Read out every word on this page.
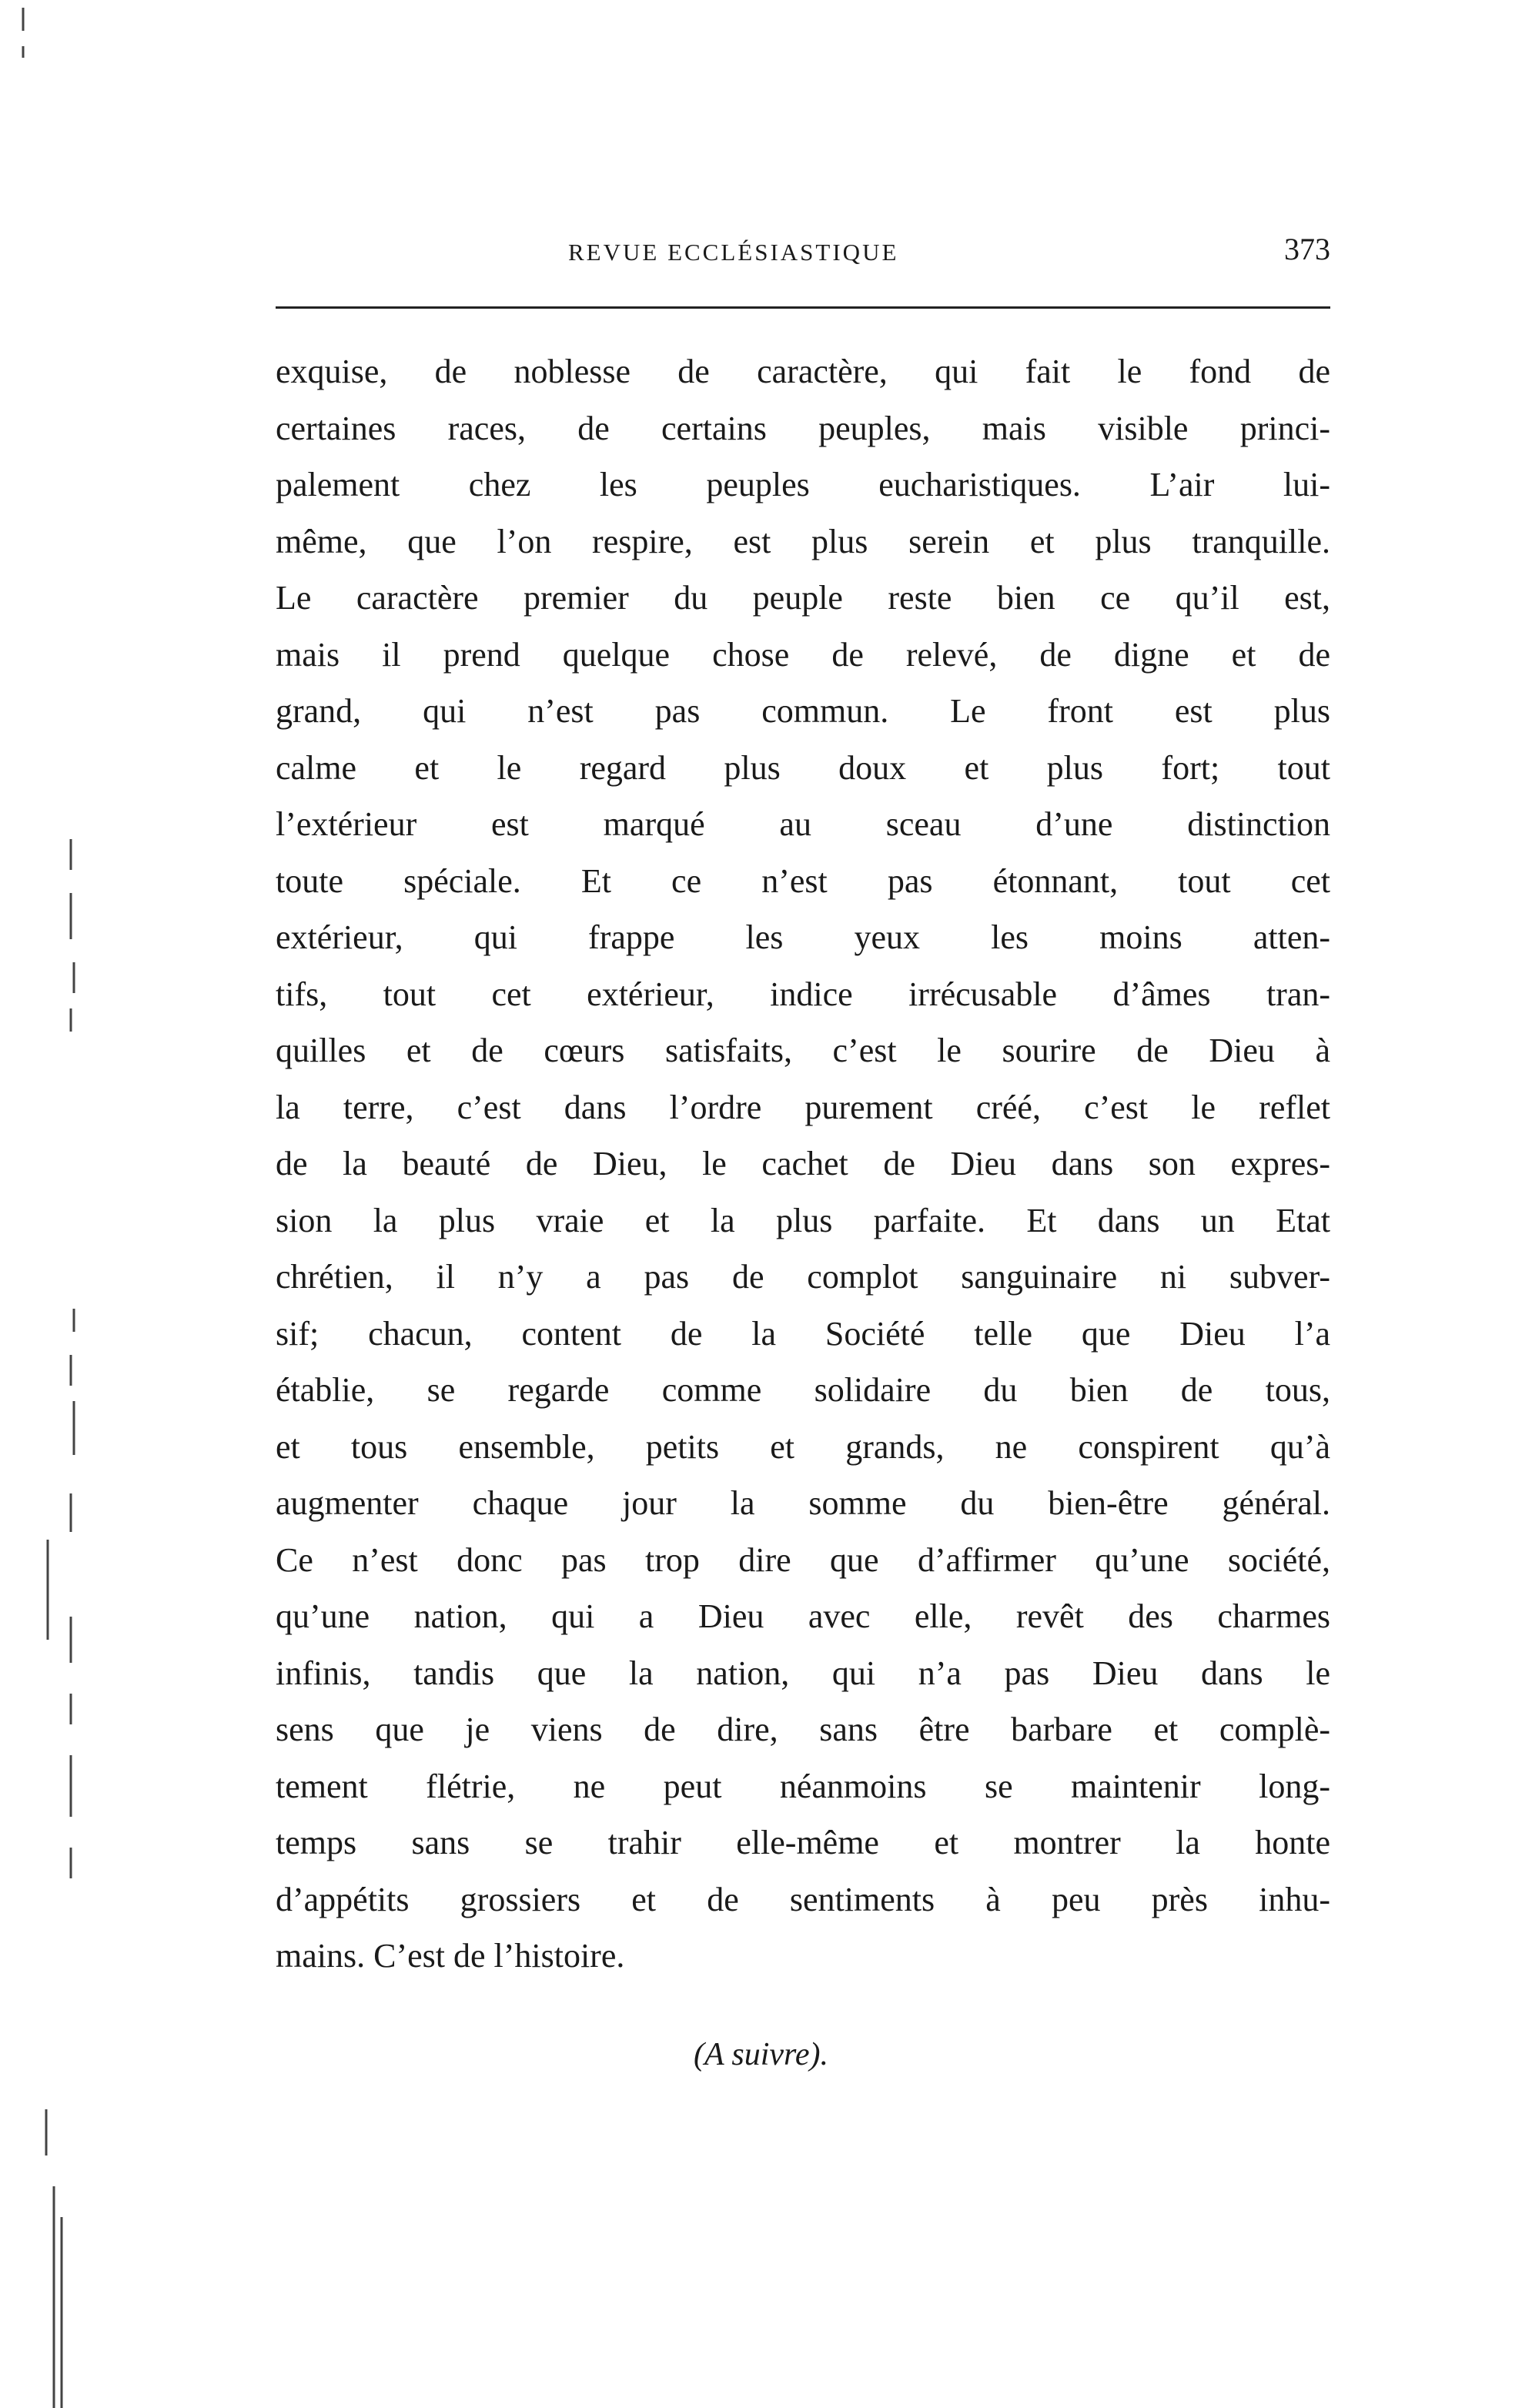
REVUE ECCLÉSIASTIQUE	373
exquise, de noblesse de caractère, qui fait le fond de
certaines races, de certains peuples, mais visible princi-
palement chez les peuples eucharistiques. L’air lui-
même, que l’on respire, est plus serein et plus tranquille.
Le caractère premier du peuple reste bien ce qu’il est,
mais il prend quelque chose de relevé, de digne et de
grand, qui n’est pas commun. Le front est plus
calme et le regard plus doux et plus fort; tout
l’extérieur est marqué au sceau d’une distinction
toute spéciale. Et ce n’est pas étonnant, tout cet
extérieur, qui frappe les yeux les moins atten-
tifs, tout cet extérieur, indice irrécusable d’âmes tran-
quilles et de cœurs satisfaits, c’est le sourire de Dieu à
la terre, c’est dans l’ordre purement créé, c’est le reflet
de la beauté de Dieu, le cachet de Dieu dans son expres-
sion la plus vraie et la plus parfaite. Et dans un Etat
chrétien, il n’y a pas de complot sanguinaire ni subver-
sif; chacun, content de la Société telle que Dieu l’a
établie, se regarde comme solidaire du bien de tous,
et tous ensemble, petits et grands, ne conspirent qu’à
augmenter chaque jour la somme du bien-être général.
Ce n’est donc pas trop dire que d’affirmer qu’une société,
qu’une nation, qui a Dieu avec elle, revêt des charmes
infinis, tandis que la nation, qui n’a pas Dieu dans le
sens que je viens de dire, sans être barbare et complè-
tement flétrie, ne peut néanmoins se maintenir long-
temps sans se trahir elle-même et montrer la honte
d’appétits grossiers et de sentiments à peu près inhu-
mains. C’est de l’histoire.
(A suivre).
